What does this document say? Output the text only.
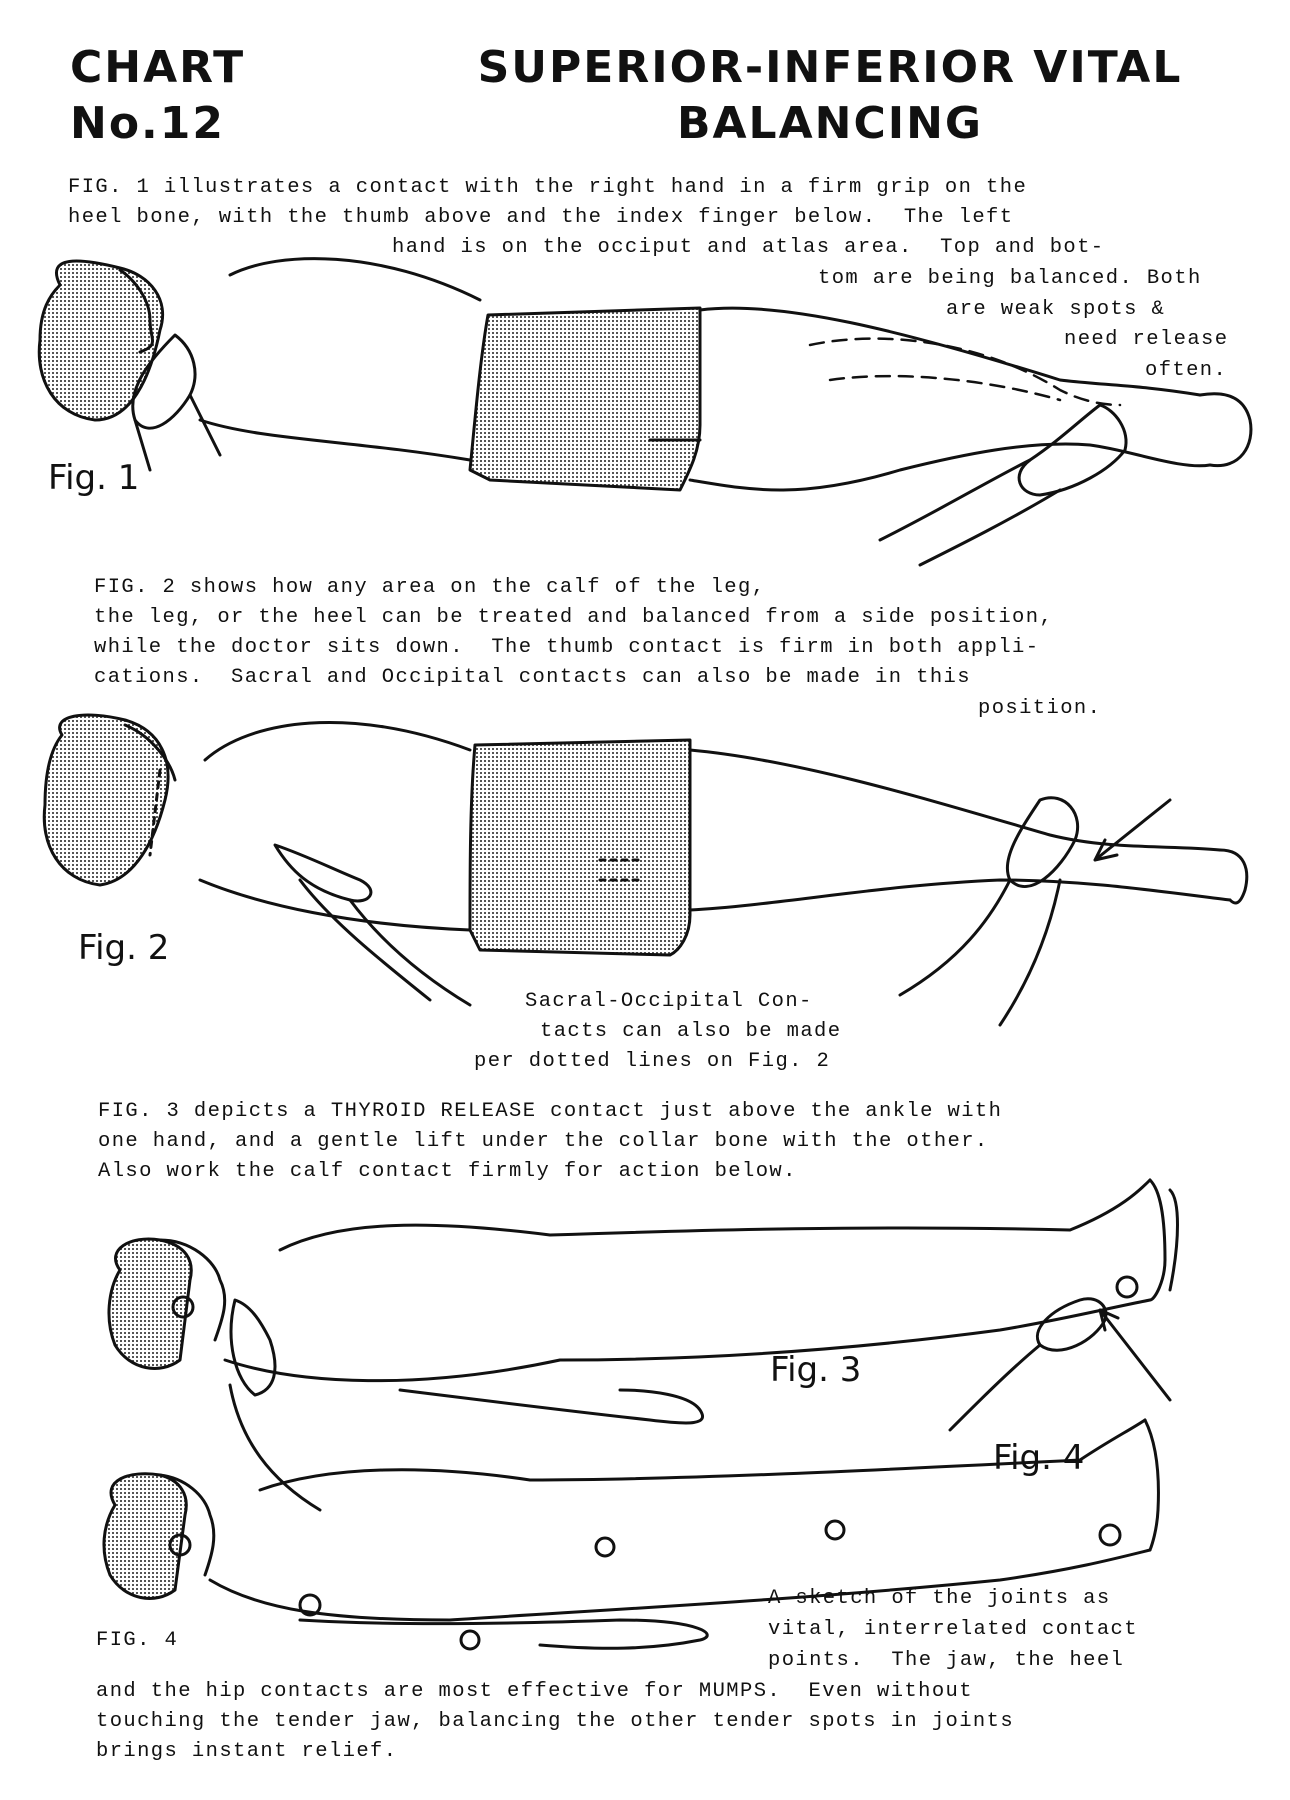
CHART
No.12
SUPERIOR-INFERIOR VITAL
BALANCING
FIG. 1 illustrates a contact with the right hand in a firm grip on the
heel bone, with the thumb above and the index finger below.  The left
hand is on the occiput and atlas area.  Top and bot-
tom are being balanced. Both
are weak spots &
need release
often.
Fig. 1
FIG. 2 shows how any area on the calf of the leg,
the leg, or the heel can be treated and balanced from a side position,
while the doctor sits down.  The thumb contact is firm in both appli-
cations.  Sacral and Occipital contacts can also be made in this
position.
Fig. 2
Sacral-Occipital Con-
tacts can also be made
per dotted lines on Fig. 2
FIG. 3 depicts a THYROID RELEASE contact just above the ankle with
one hand, and a gentle lift under the collar bone with the other.
Also work the calf contact firmly for action below.
Fig. 3
Fig. 4
FIG. 4
A sketch of the joints as
vital, interrelated contact
points.  The jaw, the heel
and the hip contacts are most effective for MUMPS.  Even without
touching the tender jaw, balancing the other tender spots in joints
brings instant relief.
